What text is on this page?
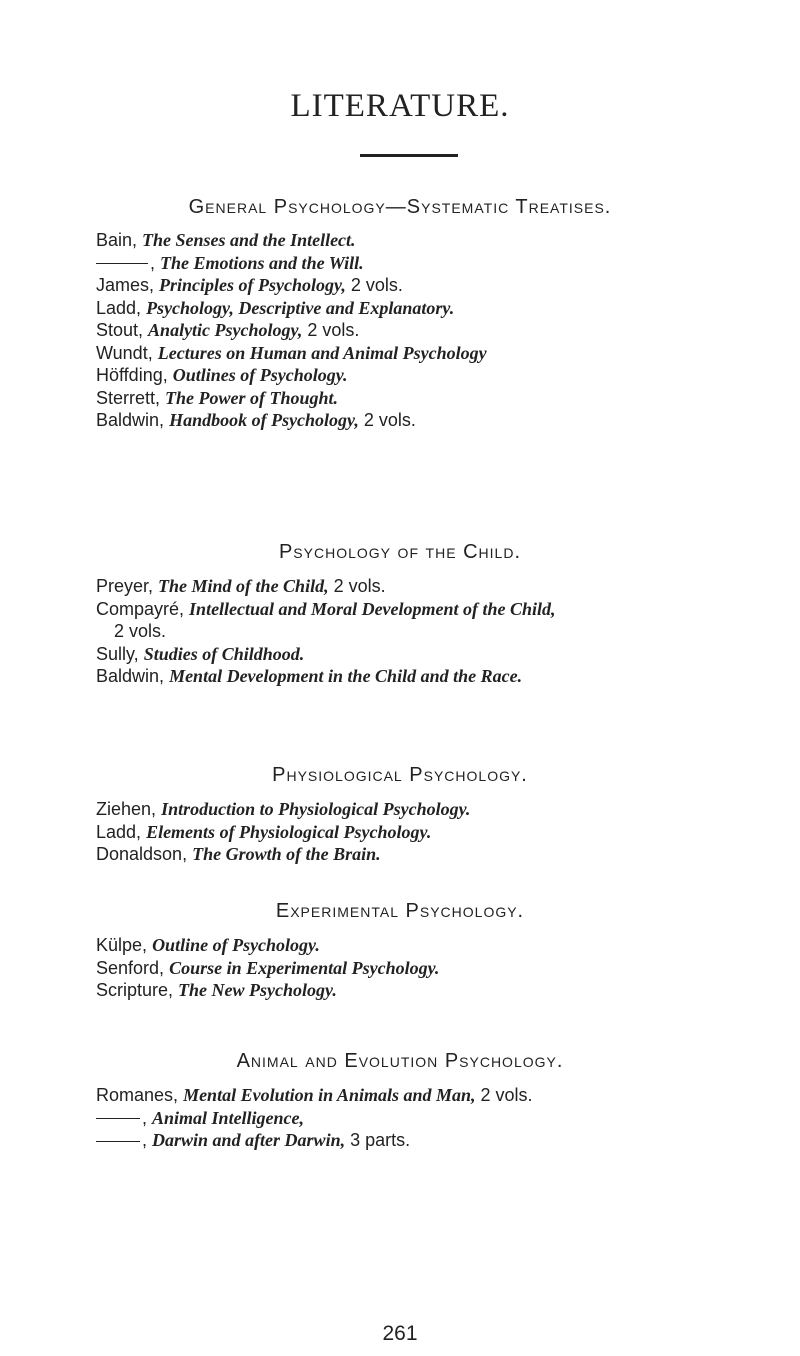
LITERATURE.
General Psychology—Systematic Treatises.
Bain, The Senses and the Intellect.
, The Emotions and the Will.
James, Principles of Psychology, 2 vols.
Ladd, Psychology, Descriptive and Explanatory.
Stout, Analytic Psychology, 2 vols.
Wundt, Lectures on Human and Animal Psychology
Höffding, Outlines of Psychology.
Sterrett, The Power of Thought.
Baldwin, Handbook of Psychology, 2 vols.
Psychology of the Child.
Preyer, The Mind of the Child, 2 vols.
Compayré, Intellectual and Moral Development of the Child,
2 vols.
Sully, Studies of Childhood.
Baldwin, Mental Development in the Child and the Race.
Physiological Psychology.
Ziehen, Introduction to Physiological Psychology.
Ladd, Elements of Physiological Psychology.
Donaldson, The Growth of the Brain.
Experimental Psychology.
Külpe, Outline of Psychology.
Senford, Course in Experimental Psychology.
Scripture, The New Psychology.
Animal and Evolution Psychology.
Romanes, Mental Evolution in Animals and Man, 2 vols.
, Animal Intelligence,
, Darwin and after Darwin, 3 parts.
261
